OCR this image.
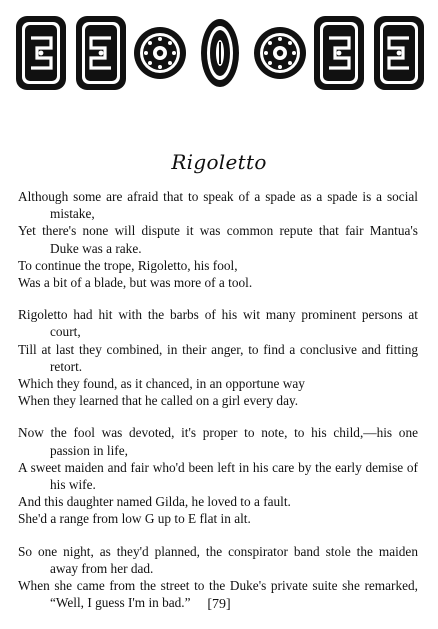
Rigoletto
Although some are afraid that to speak of a spade as a spade is a social mistake,
Yet there's none will dispute it was common repute that fair Mantua's Duke was a rake.
To continue the trope, Rigoletto, his fool,
Was a bit of a blade, but was more of a tool.
Rigoletto had hit with the barbs of his wit many prominent persons at court,
Till at last they combined, in their anger, to find a conclusive and fitting retort.
Which they found, as it chanced, in an opportune way
When they learned that he called on a girl every day.
Now the fool was devoted, it's proper to note, to his child,—his one passion in life,
A sweet maiden and fair who'd been left in his care by the early demise of his wife.
And this daughter named Gilda, he loved to a fault.
She'd a range from low G up to E flat in alt.
So one night, as they'd planned, the conspirator band stole the maiden away from her dad.
When she came from the street to the Duke's private suite she remarked, “Well, I guess I'm in bad.”	[79]
